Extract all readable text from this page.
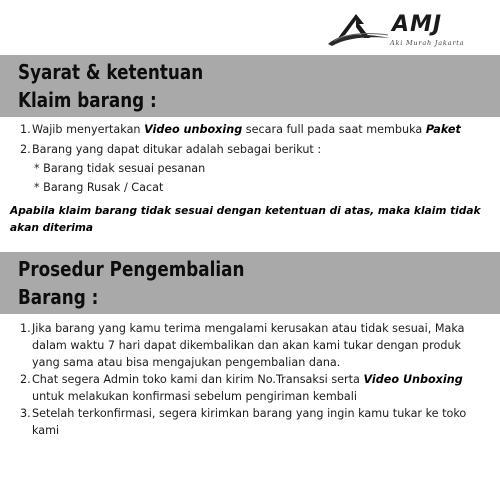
AMJ
Aki Murah Jakarta
Syarat & ketentuan
Klaim barang :
1. Wajib menyertakan Video unboxing secara full pada saat membuka Paket
2. Barang yang dapat ditukar adalah sebagai berikut :
* Barang tidak sesuai pesanan
* Barang Rusak / Cacat
Apabila klaim barang tidak sesuai dengan ketentuan di atas, maka klaim tidak akan diterima
Prosedur Pengembalian
Barang :
1. Jika barang yang kamu terima mengalami kerusakan atau tidak sesuai, Maka dalam waktu 7 hari dapat dikembalikan dan akan kami tukar dengan produk yang sama atau bisa mengajukan pengembalian dana.
2. Chat segera Admin toko kami dan kirim No.Transaksi serta Video Unboxing untuk melakukan konfirmasi sebelum pengiriman kembali
3. Setelah terkonfirmasi, segera kirimkan barang yang ingin kamu tukar ke toko kami
